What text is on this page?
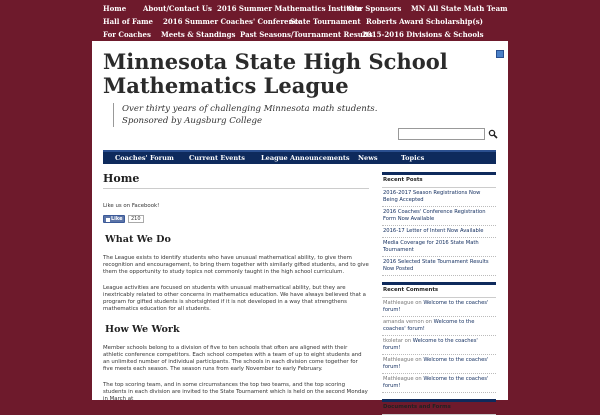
Home About/Contact Us 2016 Summer Mathematics Institute
Our Sponsors MN All State Math Team
Hall of Fame 2016 Summer Coaches' Conference
State Tournament Roberts Award Scholarship(s)
For Coaches Meets & Standings Past Seasons/Tournament Results
2015-2016 Divisions & Schools
Minnesota State High School
Mathematics League
Over thirty years of challenging Minnesota math students. Sponsored by Augsburg College
Coaches' Forum Current Events League Announcements News	Topics
Home

Like us on Facebook!

Like	210
What We Do

The League exists to identify students who have unusual mathematical ability, to give them recognition and encouragement, to bring them together with similarly gifted students, and to give them the opportunity to study topics not commonly taught in the high school curriculum.

League activities are focused on students with unusual mathematical ability, but they are inextricably related to other concerns in mathematics education. We have always believed that a program for gifted students is shortsighted if it is not developed in a way that strengthens mathematics education for all students.

How We Work

Member schools belong to a division of five to ten schools that often are aligned with their athletic conference competitors. Each school competes with a team of up to eight students and an unlimited number of individual participants. The schools in each division come together for five meets each season. The season runs from early November to early February.

The top scoring team, and in some circumstances the top two teams, and the top scoring students in each division are invited to the State Tournament which is held on the second Monday in March at

Recent Posts
2016-2017 Season Registrations Now Being Accepted
2016 Coaches' Conference Registration Form Now Available
2016-17 Letter of Intent Now Available
Media Coverage for 2016 State Math Tournament
2016 Selected State Tournament Results Now Posted
Recent Comments
Mathleague on Welcome to the coaches' forum!
amanda vernon on Welcome to the coaches' forum!
tkoletar on Welcome to the coaches' forum!
Mathleague on Welcome to the coaches' forum!
Mathleague on Welcome to the coaches' forum!
Documents and Forms
